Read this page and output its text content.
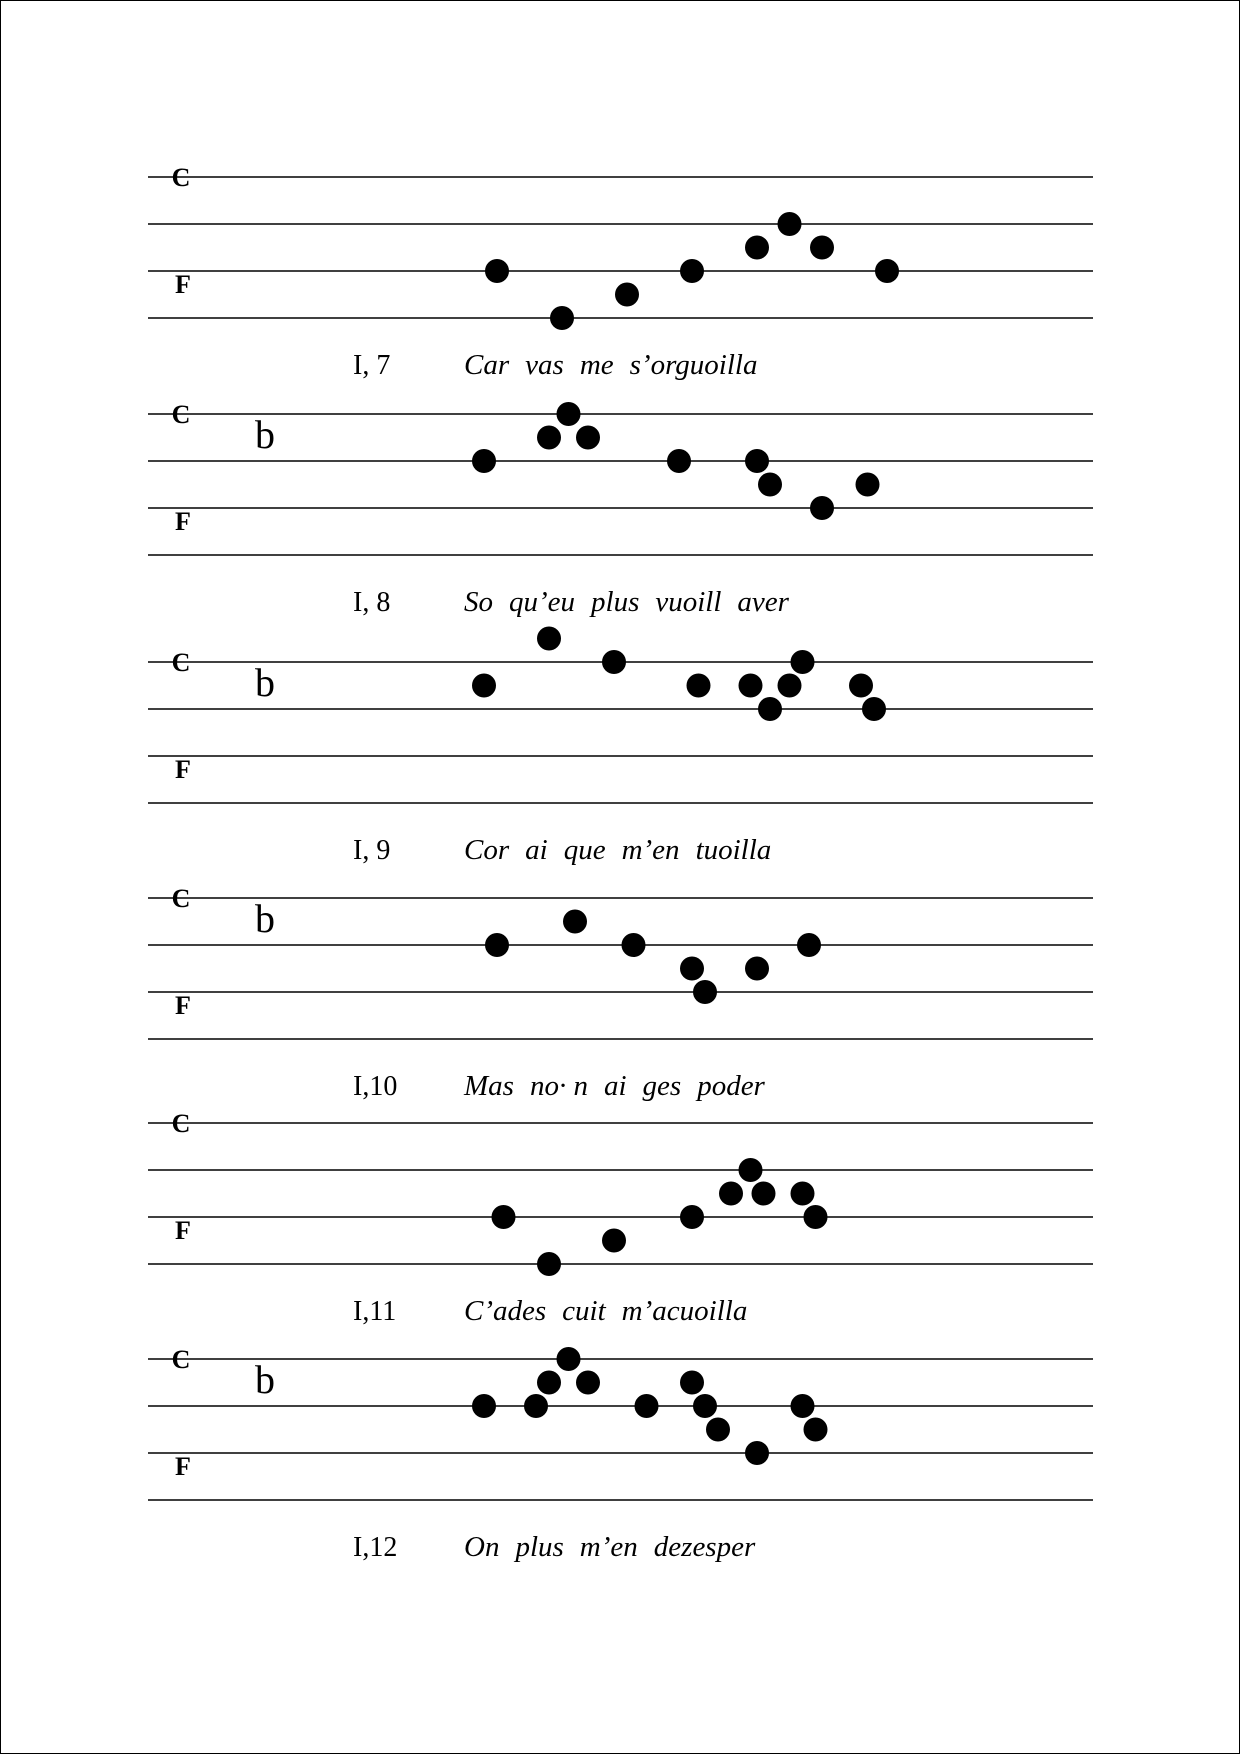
C
F
I, 7	Car vas me s’orguoilla
C
F
b
I, 8	So qu’eu plus vuoill aver
C
F
b
I, 9	Cor ai que m’en tuoilla
C
F
b
I,10 Mas no· n ai ges poder
C
F
I,11 C’ades cuit m’acuoilla
C
F
b
I,12 On plus m’en dezesper
